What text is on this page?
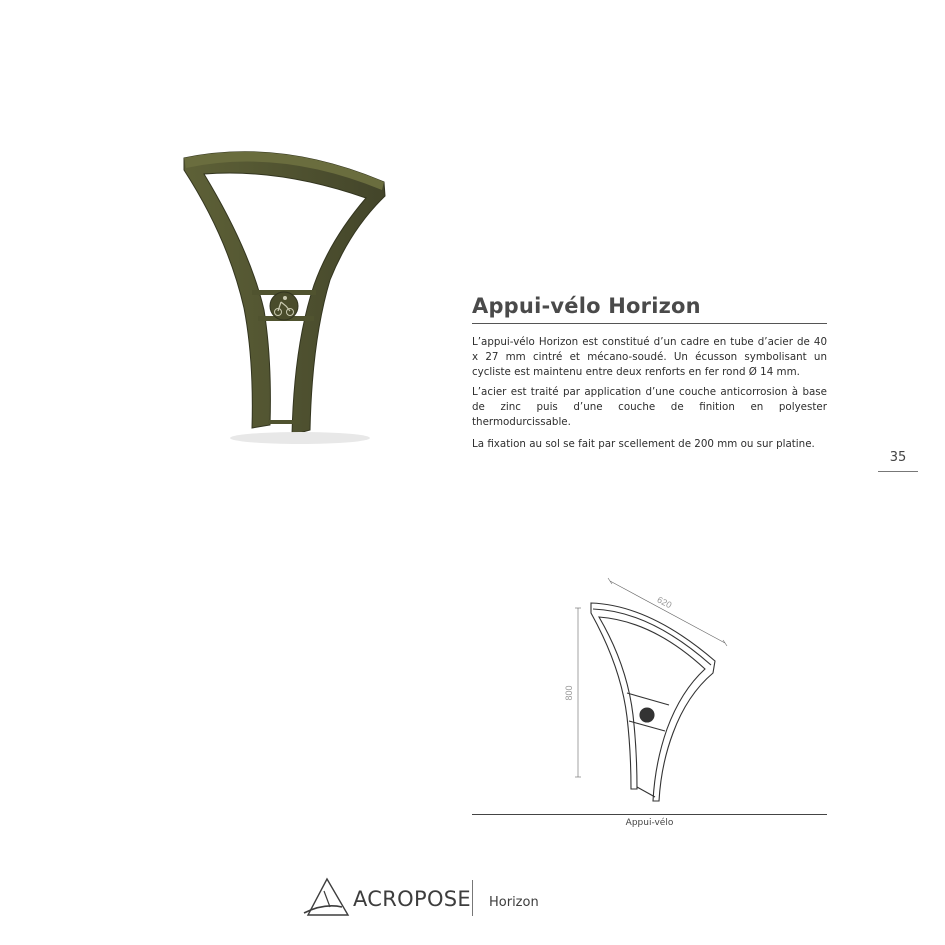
Appui-vélo Horizon

L’appui-vélo Horizon est constitué d’un cadre en tube d’acier de 40 x 27 mm cintré et mécano-soudé. Un écusson symbolisant un cycliste est maintenu entre deux renforts en fer rond Ø 14 mm.

L’acier est traité par application d’une couche anticorrosion à base de zinc puis d’une couche de finition en polyester thermodurcissable.

La fixation au sol se fait par scellement de 200 mm ou sur platine.

35
620
800
Appui-vélo
ACROPOSE Horizon
